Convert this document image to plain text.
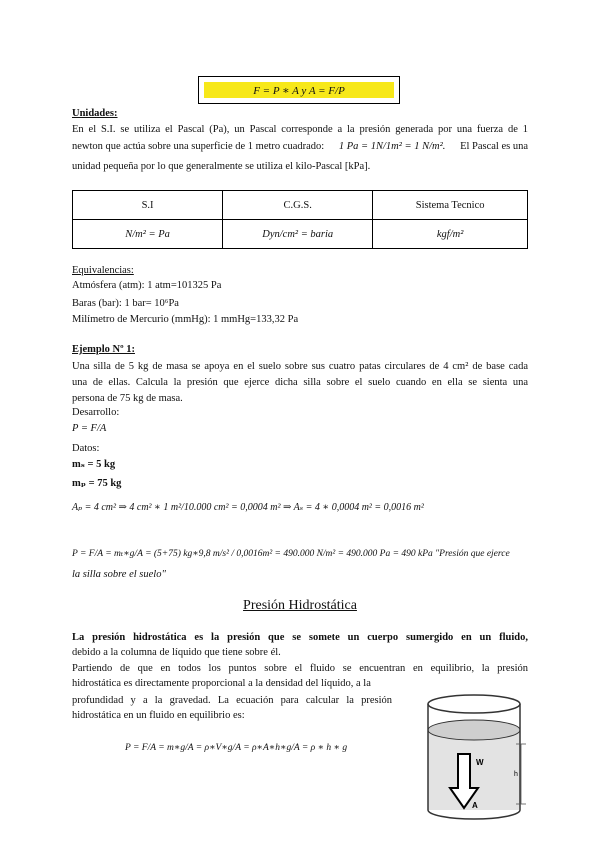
F = P ∗ A y A = F/P
Unidades:
En el S.I. se utiliza el Pascal (Pa), un Pascal corresponde a la presión generada por una fuerza de 1
newton que actúa sobre una superficie de 1 metro cuadrado: 1 Pa = 1N/1m² = 1 N/m². El Pascal es una
unidad pequeña por lo que generalmente se utiliza el kilo-Pascal [kPa].
S.I	C.G.S.	Sistema Tecnico
N/m² = Pa	Dyn/cm² = baria	kgf/m²
Equivalencias:
Atmósfera (atm): 1 atm=101325 Pa
Baras (bar): 1 bar= 10⁶Pa
Milímetro de Mercurio (mmHg): 1 mmHg=133,32 Pa
Ejemplo Nº 1:
Una silla de 5 kg de masa se apoya en el suelo sobre sus cuatro patas circulares de 4 cm² de base cada
una de ellas. Calcula la presión que ejerce dicha silla sobre el suelo cuando en ella se sienta una
persona de 75 kg de masa.
Desarrollo:
P = F/A
Datos:
mₛ = 5 kg
mₚ = 75 kg
Aₚ = 4 cm² ⇒ 4 cm² ∗ 1 m²/10.000 cm² = 0,0004 m² ⇒ Aₛ = 4 ∗ 0,0004 m² = 0,0016 m²
P = F/A = mₜ∗g/A = (5+75) kg∗9,8 m/s² / 0,0016m² = 490.000 N/m² = 490.000 Pa = 490 kPa "Presión que ejerce
la silla sobre el suelo"
Presión Hidrostática
La presión hidrostática es la presión que se somete un cuerpo sumergido en un fluido,
debido a la columna de líquido que tiene sobre él.
Partiendo de que en todos los puntos sobre el fluido se encuentran en equilibrio, la presión
hidrostática es directamente proporcional a la densidad del líquido, a la
profundidad y a la gravedad. La ecuación para calcular la presión
hidrostática en un fluido en equilibrio es:
P = F/A = m∗g/A = ρ∗V∗g/A = ρ∗A∗h∗g/A = ρ ∗ h ∗ g
W
h
A
